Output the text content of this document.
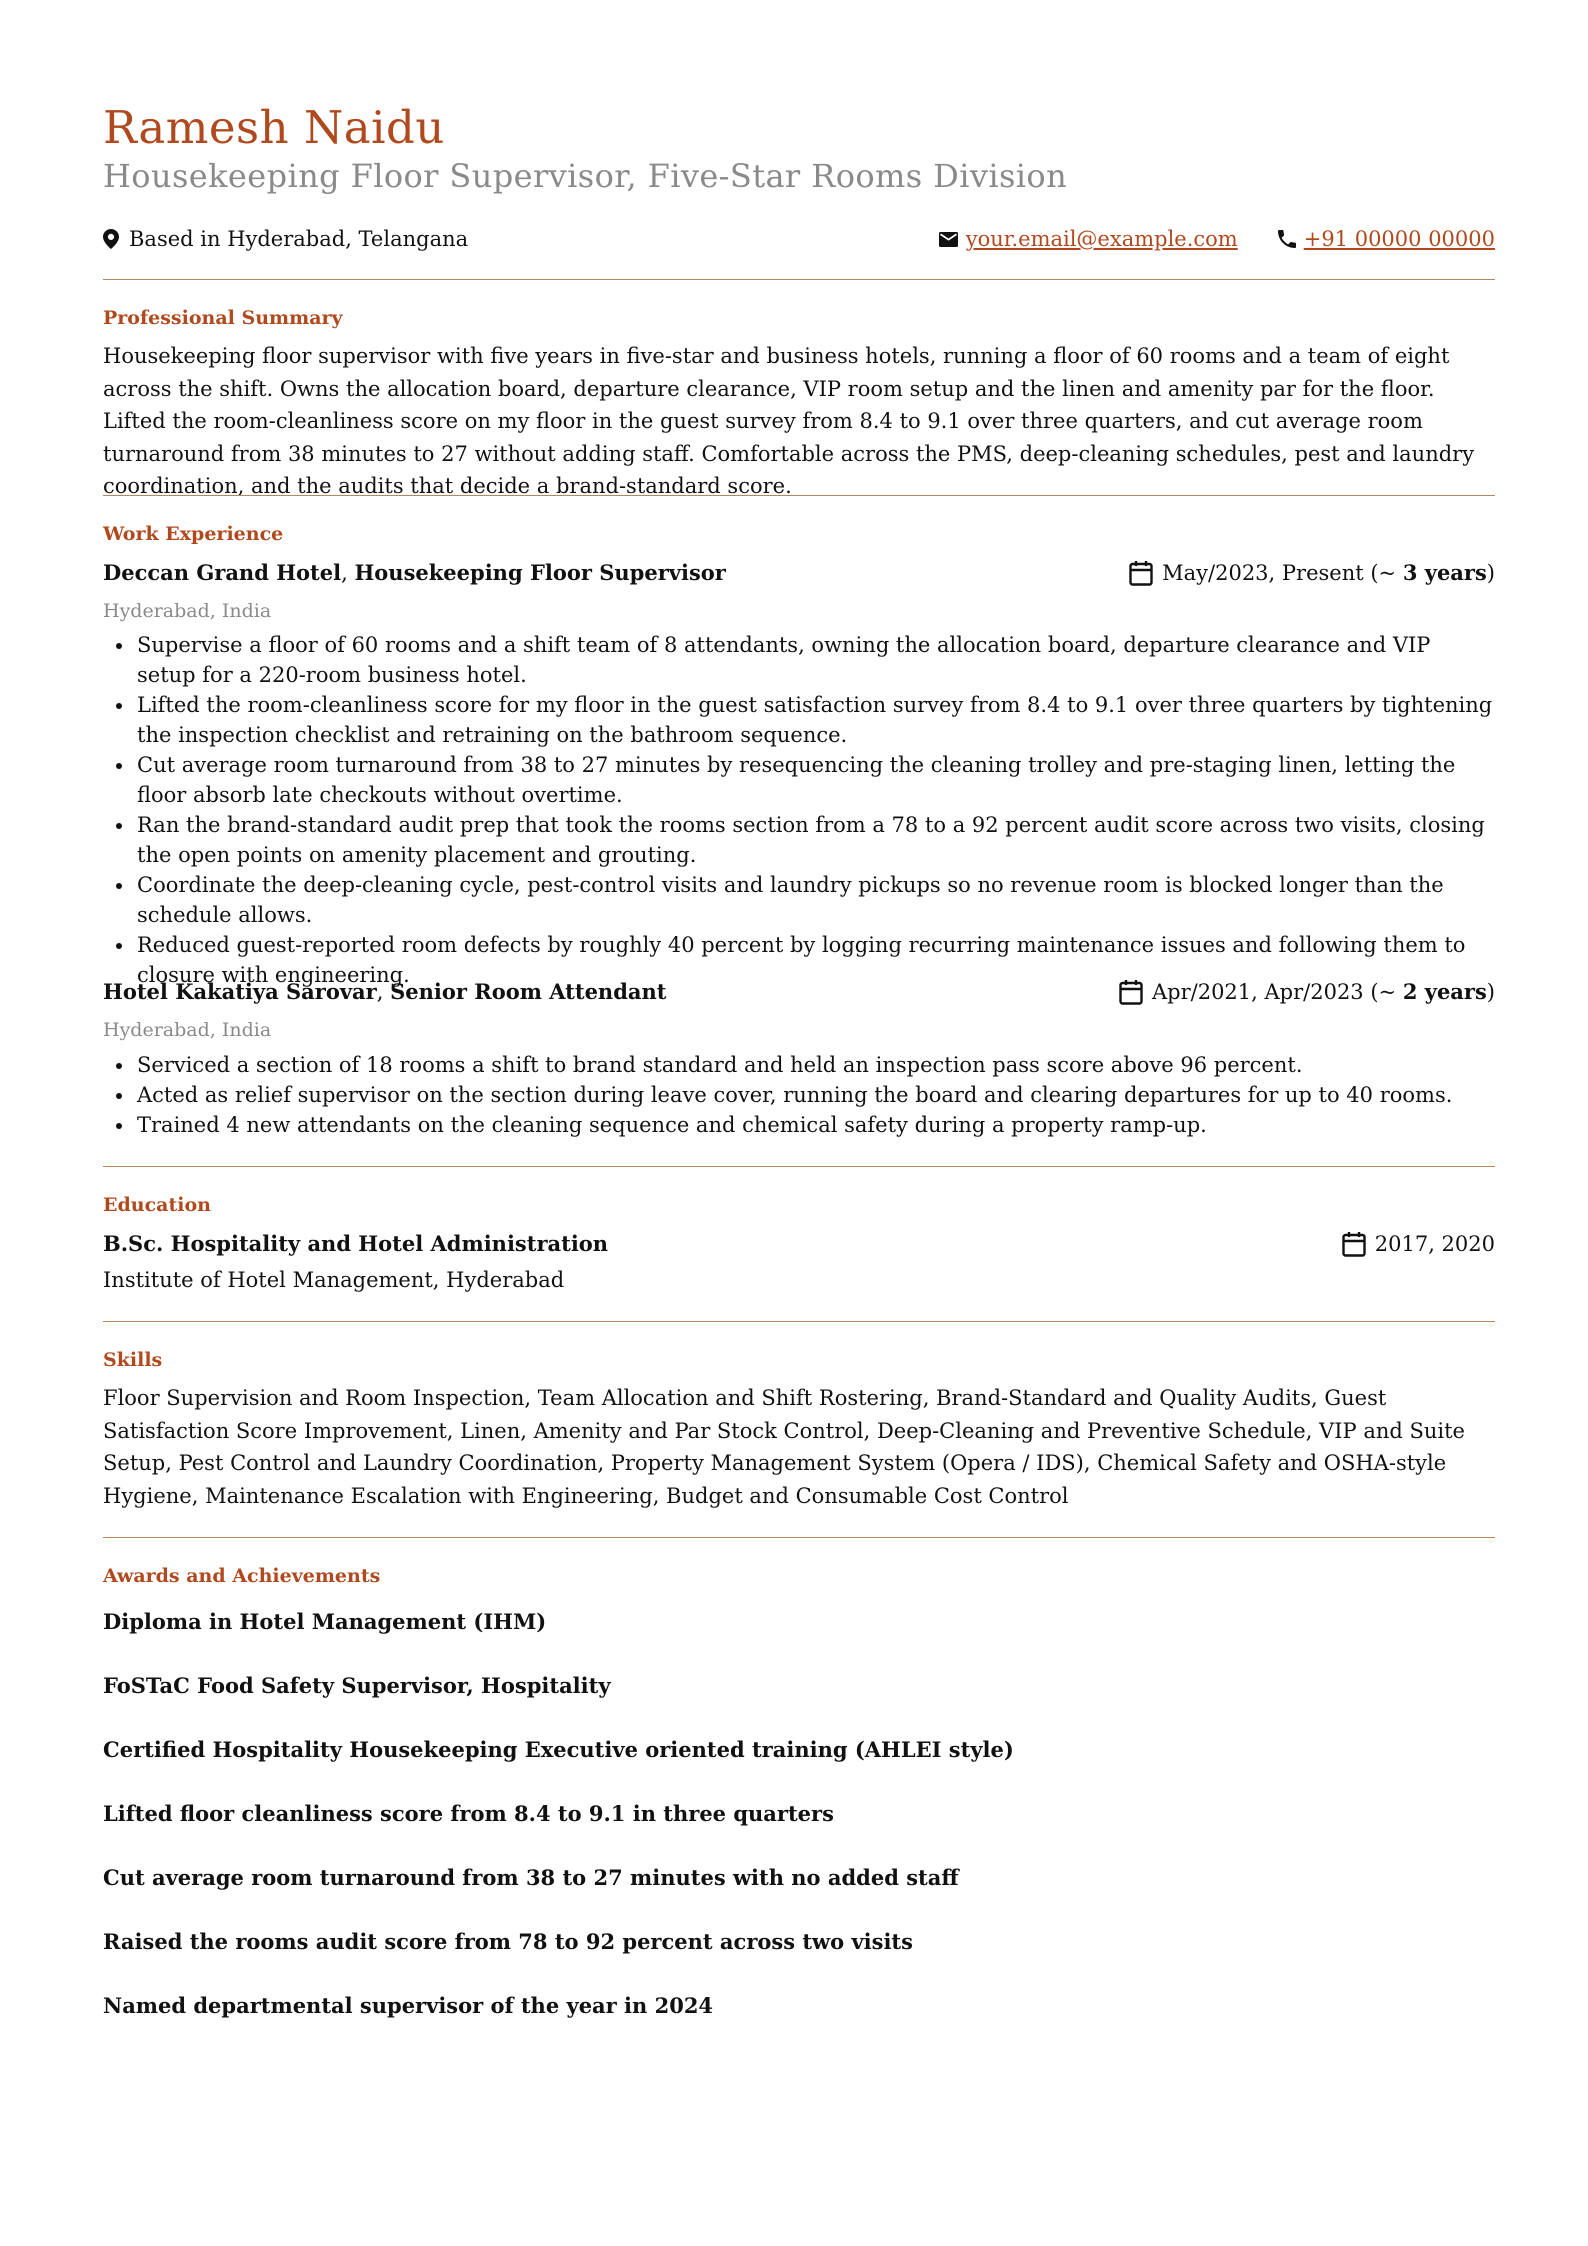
Ramesh Naidu
Housekeeping Floor Supervisor, Five-Star Rooms Division
Based in Hyderabad, Telangana	your.email@example.com	+91 00000 00000
Professional Summary
Housekeeping floor supervisor with five years in five-star and business hotels, running a floor of 60 rooms and a team of eight across the shift. Owns the allocation board, departure clearance, VIP room setup and the linen and amenity par for the floor. Lifted the room-cleanliness score on my floor in the guest survey from 8.4 to 9.1 over three quarters, and cut average room turnaround from 38 minutes to 27 without adding staff. Comfortable across the PMS, deep-cleaning schedules, pest and laundry coordination, and the audits that decide a brand-standard score.
Work Experience
Deccan Grand Hotel, Housekeeping Floor Supervisor	May/2023, Present (~ 3 years)
Hyderabad, India
Supervise a floor of 60 rooms and a shift team of 8 attendants, owning the allocation board, departure clearance and VIP setup for a 220-room business hotel.
Lifted the room-cleanliness score for my floor in the guest satisfaction survey from 8.4 to 9.1 over three quarters by tightening the inspection checklist and retraining on the bathroom sequence.
Cut average room turnaround from 38 to 27 minutes by resequencing the cleaning trolley and pre-staging linen, letting the floor absorb late checkouts without overtime.
Ran the brand-standard audit prep that took the rooms section from a 78 to a 92 percent audit score across two visits, closing the open points on amenity placement and grouting.
Coordinate the deep-cleaning cycle, pest-control visits and laundry pickups so no revenue room is blocked longer than the schedule allows.
Reduced guest-reported room defects by roughly 40 percent by logging recurring maintenance issues and following them to closure with engineering.
Hotel Kakatiya Sarovar, Senior Room Attendant	Apr/2021, Apr/2023 (~ 2 years)
Hyderabad, India
Serviced a section of 18 rooms a shift to brand standard and held an inspection pass score above 96 percent.
Acted as relief supervisor on the section during leave cover, running the board and clearing departures for up to 40 rooms.
Trained 4 new attendants on the cleaning sequence and chemical safety during a property ramp-up.
Education
B.Sc. Hospitality and Hotel Administration	2017, 2020
Institute of Hotel Management, Hyderabad
Skills
Floor Supervision and Room Inspection, Team Allocation and Shift Rostering, Brand-Standard and Quality Audits, Guest Satisfaction Score Improvement, Linen, Amenity and Par Stock Control, Deep-Cleaning and Preventive Schedule, VIP and Suite Setup, Pest Control and Laundry Coordination, Property Management System (Opera / IDS), Chemical Safety and OSHA-style Hygiene, Maintenance Escalation with Engineering, Budget and Consumable Cost Control
Awards and Achievements
Diploma in Hotel Management (IHM)
FoSTaC Food Safety Supervisor, Hospitality
Certified Hospitality Housekeeping Executive oriented training (AHLEI style)
Lifted floor cleanliness score from 8.4 to 9.1 in three quarters
Cut average room turnaround from 38 to 27 minutes with no added staff
Raised the rooms audit score from 78 to 92 percent across two visits
Named departmental supervisor of the year in 2024
